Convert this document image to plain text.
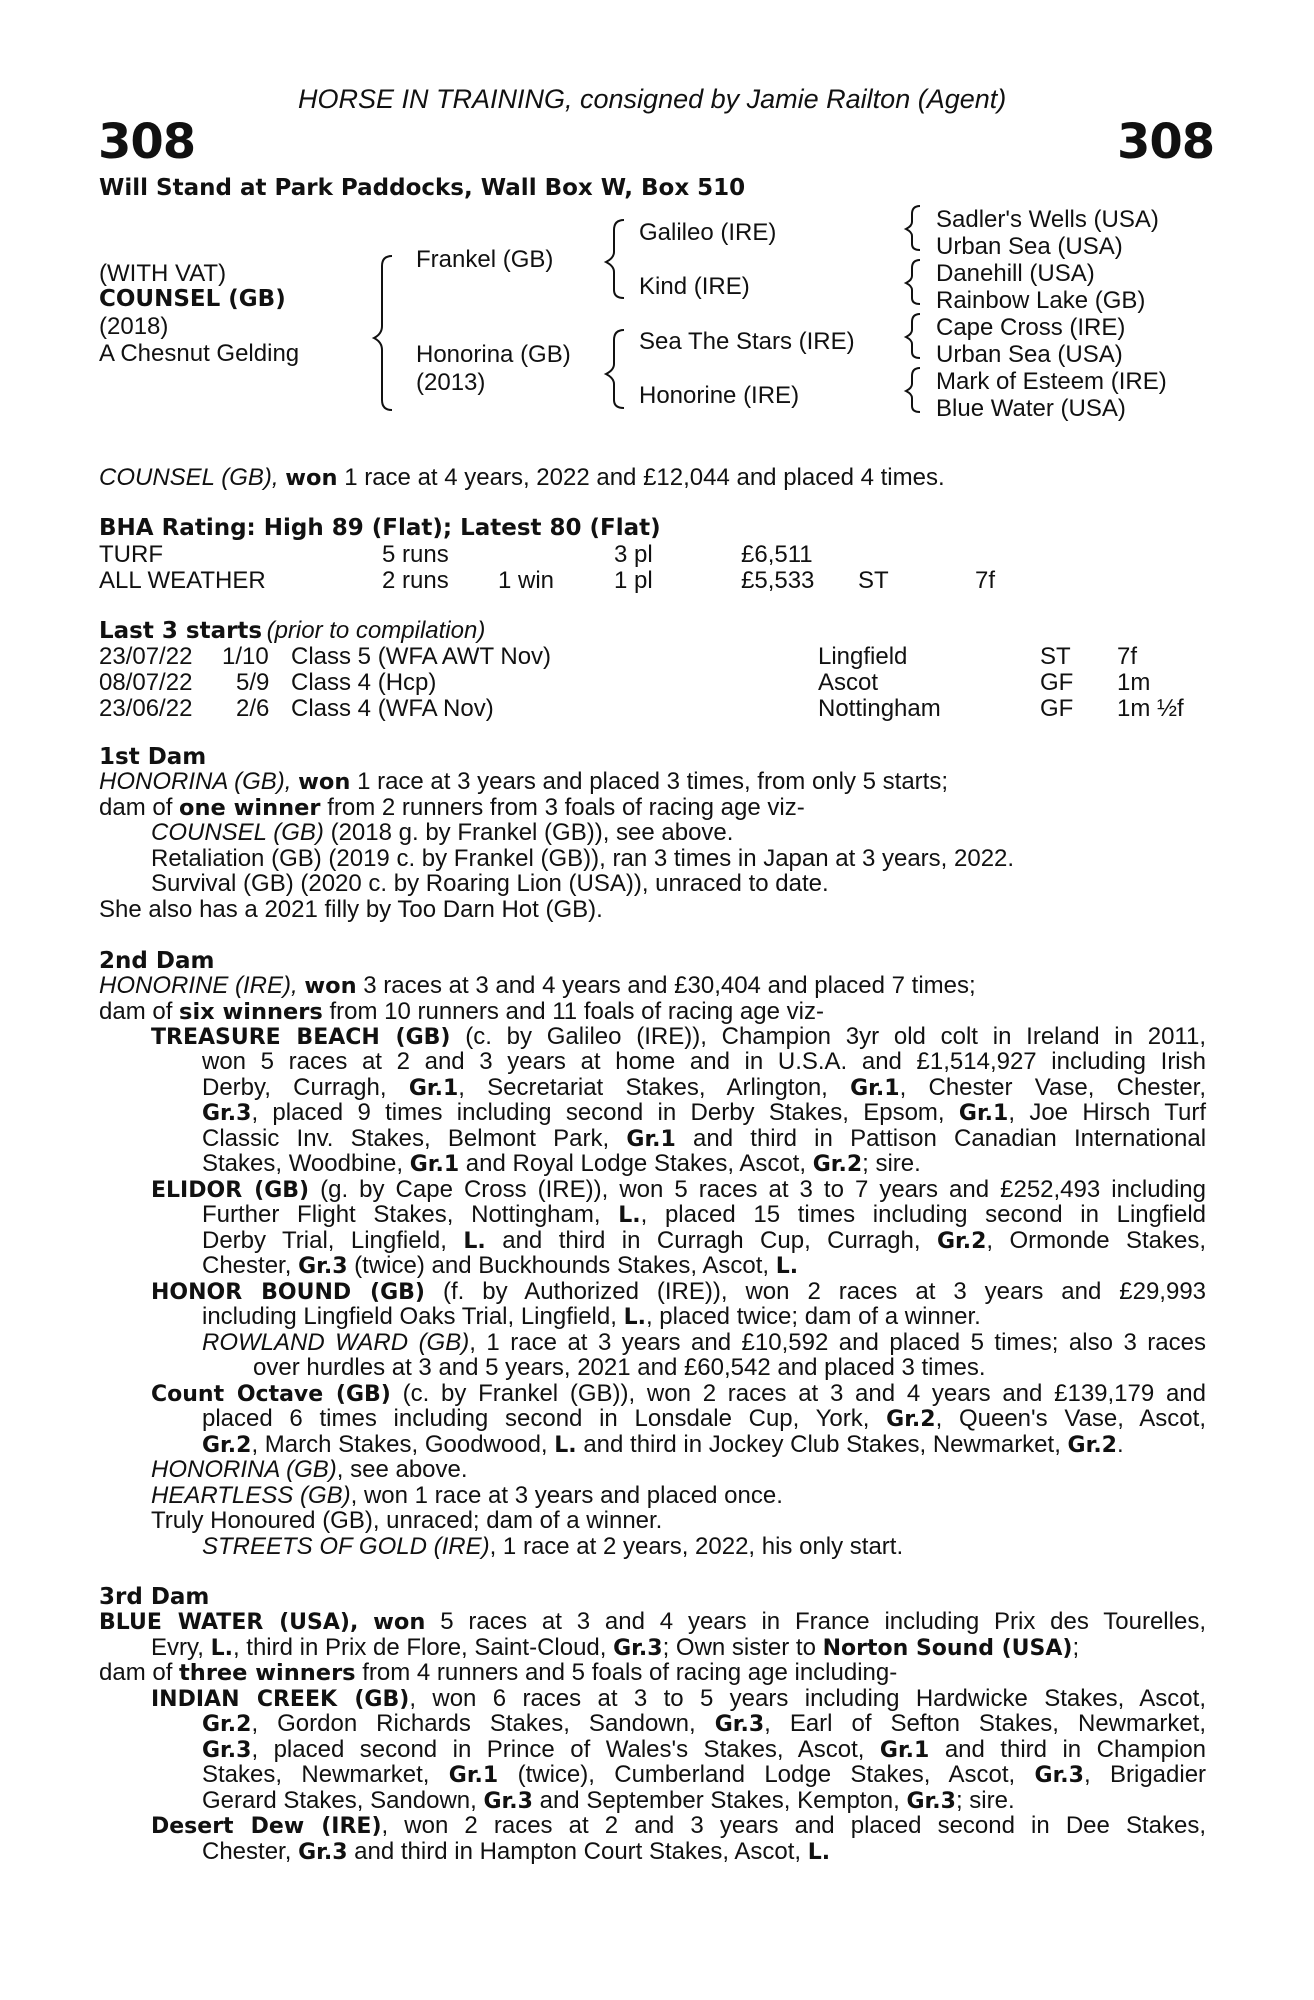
HORSE IN TRAINING, consigned by Jamie Railton (Agent)
308	308
Will Stand at Park Paddocks, Wall Box W, Box 510
(WITH VAT)
COUNSEL (GB)
(2018)
A Chesnut Gelding
Frankel (GB)
Honorina (GB)
(2013)
Galileo (IRE)
Kind (IRE)
Sea The Stars (IRE)
Honorine (IRE)
Sadler's Wells (USA)
Urban Sea (USA)
Danehill (USA)
Rainbow Lake (GB)
Cape Cross (IRE)
Urban Sea (USA)
Mark of Esteem (IRE)
Blue Water (USA)
COUNSEL (GB), won 1 race at 4 years, 2022 and £12,044 and placed 4 times.
BHA Rating: High 89 (Flat); Latest 80 (Flat)
TURF	5 runs	3 pl	£6,511
ALL WEATHER	2 runs 1 win 1 pl	£5,533 ST	7f
Last 3 starts (prior to compilation)
23/07/22 1/10 Class 5 (WFA AWT Nov)	Lingfield	ST 7f
08/07/22 5/9 Class 4 (Hcp)	Ascot	GF 1m
23/06/22 2/6 Class 4 (WFA Nov)	Nottingham	GF 1m ½f
1st Dam
HONORINA (GB), won 1 race at 3 years and placed 3 times, from only 5 starts;
dam of one winner from 2 runners from 3 foals of racing age viz-
COUNSEL (GB) (2018 g. by Frankel (GB)), see above.
Retaliation (GB) (2019 c. by Frankel (GB)), ran 3 times in Japan at 3 years, 2022.
Survival (GB) (2020 c. by Roaring Lion (USA)), unraced to date.
She also has a 2021 filly by Too Darn Hot (GB).
2nd Dam
HONORINE (IRE), won 3 races at 3 and 4 years and £30,404 and placed 7 times;
dam of six winners from 10 runners and 11 foals of racing age viz-
TREASURE BEACH (GB) (c. by Galileo (IRE)), Champion 3yr old colt in Ireland in 2011,
won 5 races at 2 and 3 years at home and in U.S.A. and £1,514,927 including Irish
Derby, Curragh, Gr.1, Secretariat Stakes, Arlington, Gr.1, Chester Vase, Chester,
Gr.3, placed 9 times including second in Derby Stakes, Epsom, Gr.1, Joe Hirsch Turf
Classic Inv. Stakes, Belmont Park, Gr.1 and third in Pattison Canadian International
Stakes, Woodbine, Gr.1 and Royal Lodge Stakes, Ascot, Gr.2; sire.
ELIDOR (GB) (g. by Cape Cross (IRE)), won 5 races at 3 to 7 years and £252,493 including
Further Flight Stakes, Nottingham, L., placed 15 times including second in Lingfield
Derby Trial, Lingfield, L. and third in Curragh Cup, Curragh, Gr.2, Ormonde Stakes,
Chester, Gr.3 (twice) and Buckhounds Stakes, Ascot, L.
HONOR BOUND (GB) (f. by Authorized (IRE)), won 2 races at 3 years and £29,993
including Lingfield Oaks Trial, Lingfield, L., placed twice; dam of a winner.
ROWLAND WARD (GB), 1 race at 3 years and £10,592 and placed 5 times; also 3 races
over hurdles at 3 and 5 years, 2021 and £60,542 and placed 3 times.
Count Octave (GB) (c. by Frankel (GB)), won 2 races at 3 and 4 years and £139,179 and
placed 6 times including second in Lonsdale Cup, York, Gr.2, Queen's Vase, Ascot,
Gr.2, March Stakes, Goodwood, L. and third in Jockey Club Stakes, Newmarket, Gr.2.
HONORINA (GB), see above.
HEARTLESS (GB), won 1 race at 3 years and placed once.
Truly Honoured (GB), unraced; dam of a winner.
STREETS OF GOLD (IRE), 1 race at 2 years, 2022, his only start.
3rd Dam
BLUE WATER (USA), won 5 races at 3 and 4 years in France including Prix des Tourelles,
Evry, L., third in Prix de Flore, Saint-Cloud, Gr.3; Own sister to Norton Sound (USA);
dam of three winners from 4 runners and 5 foals of racing age including-
INDIAN CREEK (GB), won 6 races at 3 to 5 years including Hardwicke Stakes, Ascot,
Gr.2, Gordon Richards Stakes, Sandown, Gr.3, Earl of Sefton Stakes, Newmarket,
Gr.3, placed second in Prince of Wales's Stakes, Ascot, Gr.1 and third in Champion
Stakes, Newmarket, Gr.1 (twice), Cumberland Lodge Stakes, Ascot, Gr.3, Brigadier
Gerard Stakes, Sandown, Gr.3 and September Stakes, Kempton, Gr.3; sire.
Desert Dew (IRE), won 2 races at 2 and 3 years and placed second in Dee Stakes,
Chester, Gr.3 and third in Hampton Court Stakes, Ascot, L.
